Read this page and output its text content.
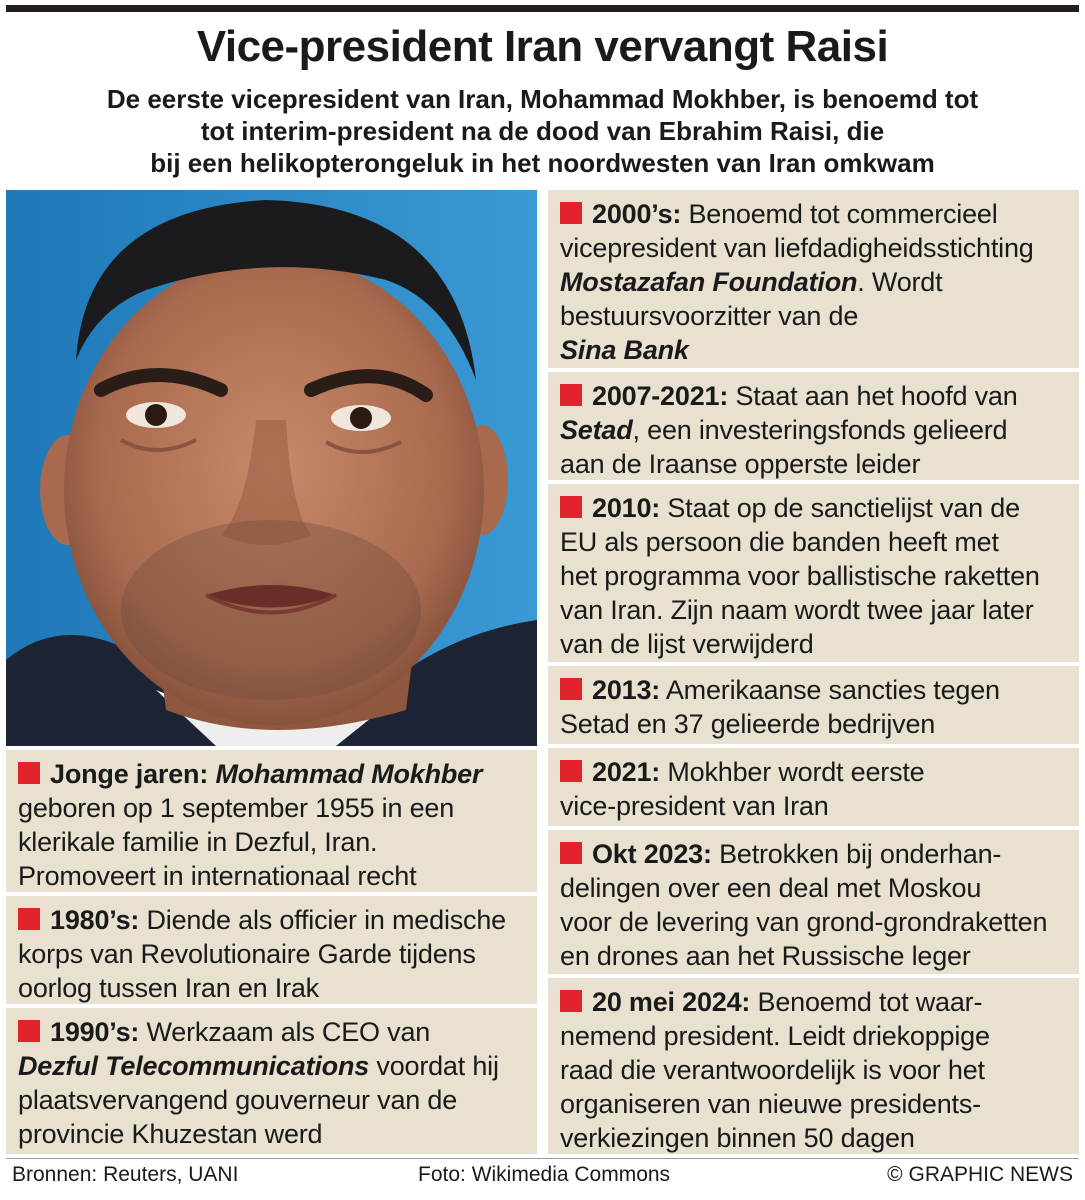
Vice-president Iran vervangt Raisi
De eerste vicepresident van Iran, Mohammad Mokhber, is benoemd tot
tot interim-president na de dood van Ebrahim Raisi, die
bij een helikopterongeluk in het noordwesten van Iran omkwam
Jonge jaren: Mohammad Mokhber
geboren op 1 september 1955 in een
klerikale familie in Dezful, Iran.
Promoveert in internationaal recht
1980’s: Diende als officier in medische
korps van Revolutionaire Garde tijdens
oorlog tussen Iran en Irak
1990’s: Werkzaam als CEO van
Dezful Telecommunications voordat hij
plaatsvervangend gouverneur van de
provincie Khuzestan werd
2000’s: Benoemd tot commercieel
vicepresident van liefdadigheidsstichting
Mostazafan Foundation. Wordt
bestuursvoorzitter van de
Sina Bank
2007-2021: Staat aan het hoofd van
Setad, een investeringsfonds gelieerd
aan de Iraanse opperste leider
2010: Staat op de sanctielijst van de
EU als persoon die banden heeft met
het programma voor ballistische raketten
van Iran. Zijn naam wordt twee jaar later
van de lijst verwijderd
2013: Amerikaanse sancties tegen
Setad en 37 gelieerde bedrijven
2021: Mokhber wordt eerste
vice-president van Iran
Okt 2023: Betrokken bij onderhan-
delingen over een deal met Moskou
voor de levering van grond-grondraketten
en drones aan het Russische leger
20 mei 2024: Benoemd tot waar-
nemend president. Leidt driekoppige
raad die verantwoordelijk is voor het
organiseren van nieuwe presidents-
verkiezingen binnen 50 dagen
Bronnen: Reuters, UANI	Foto: Wikimedia Commons	© GRAPHIC NEWS
